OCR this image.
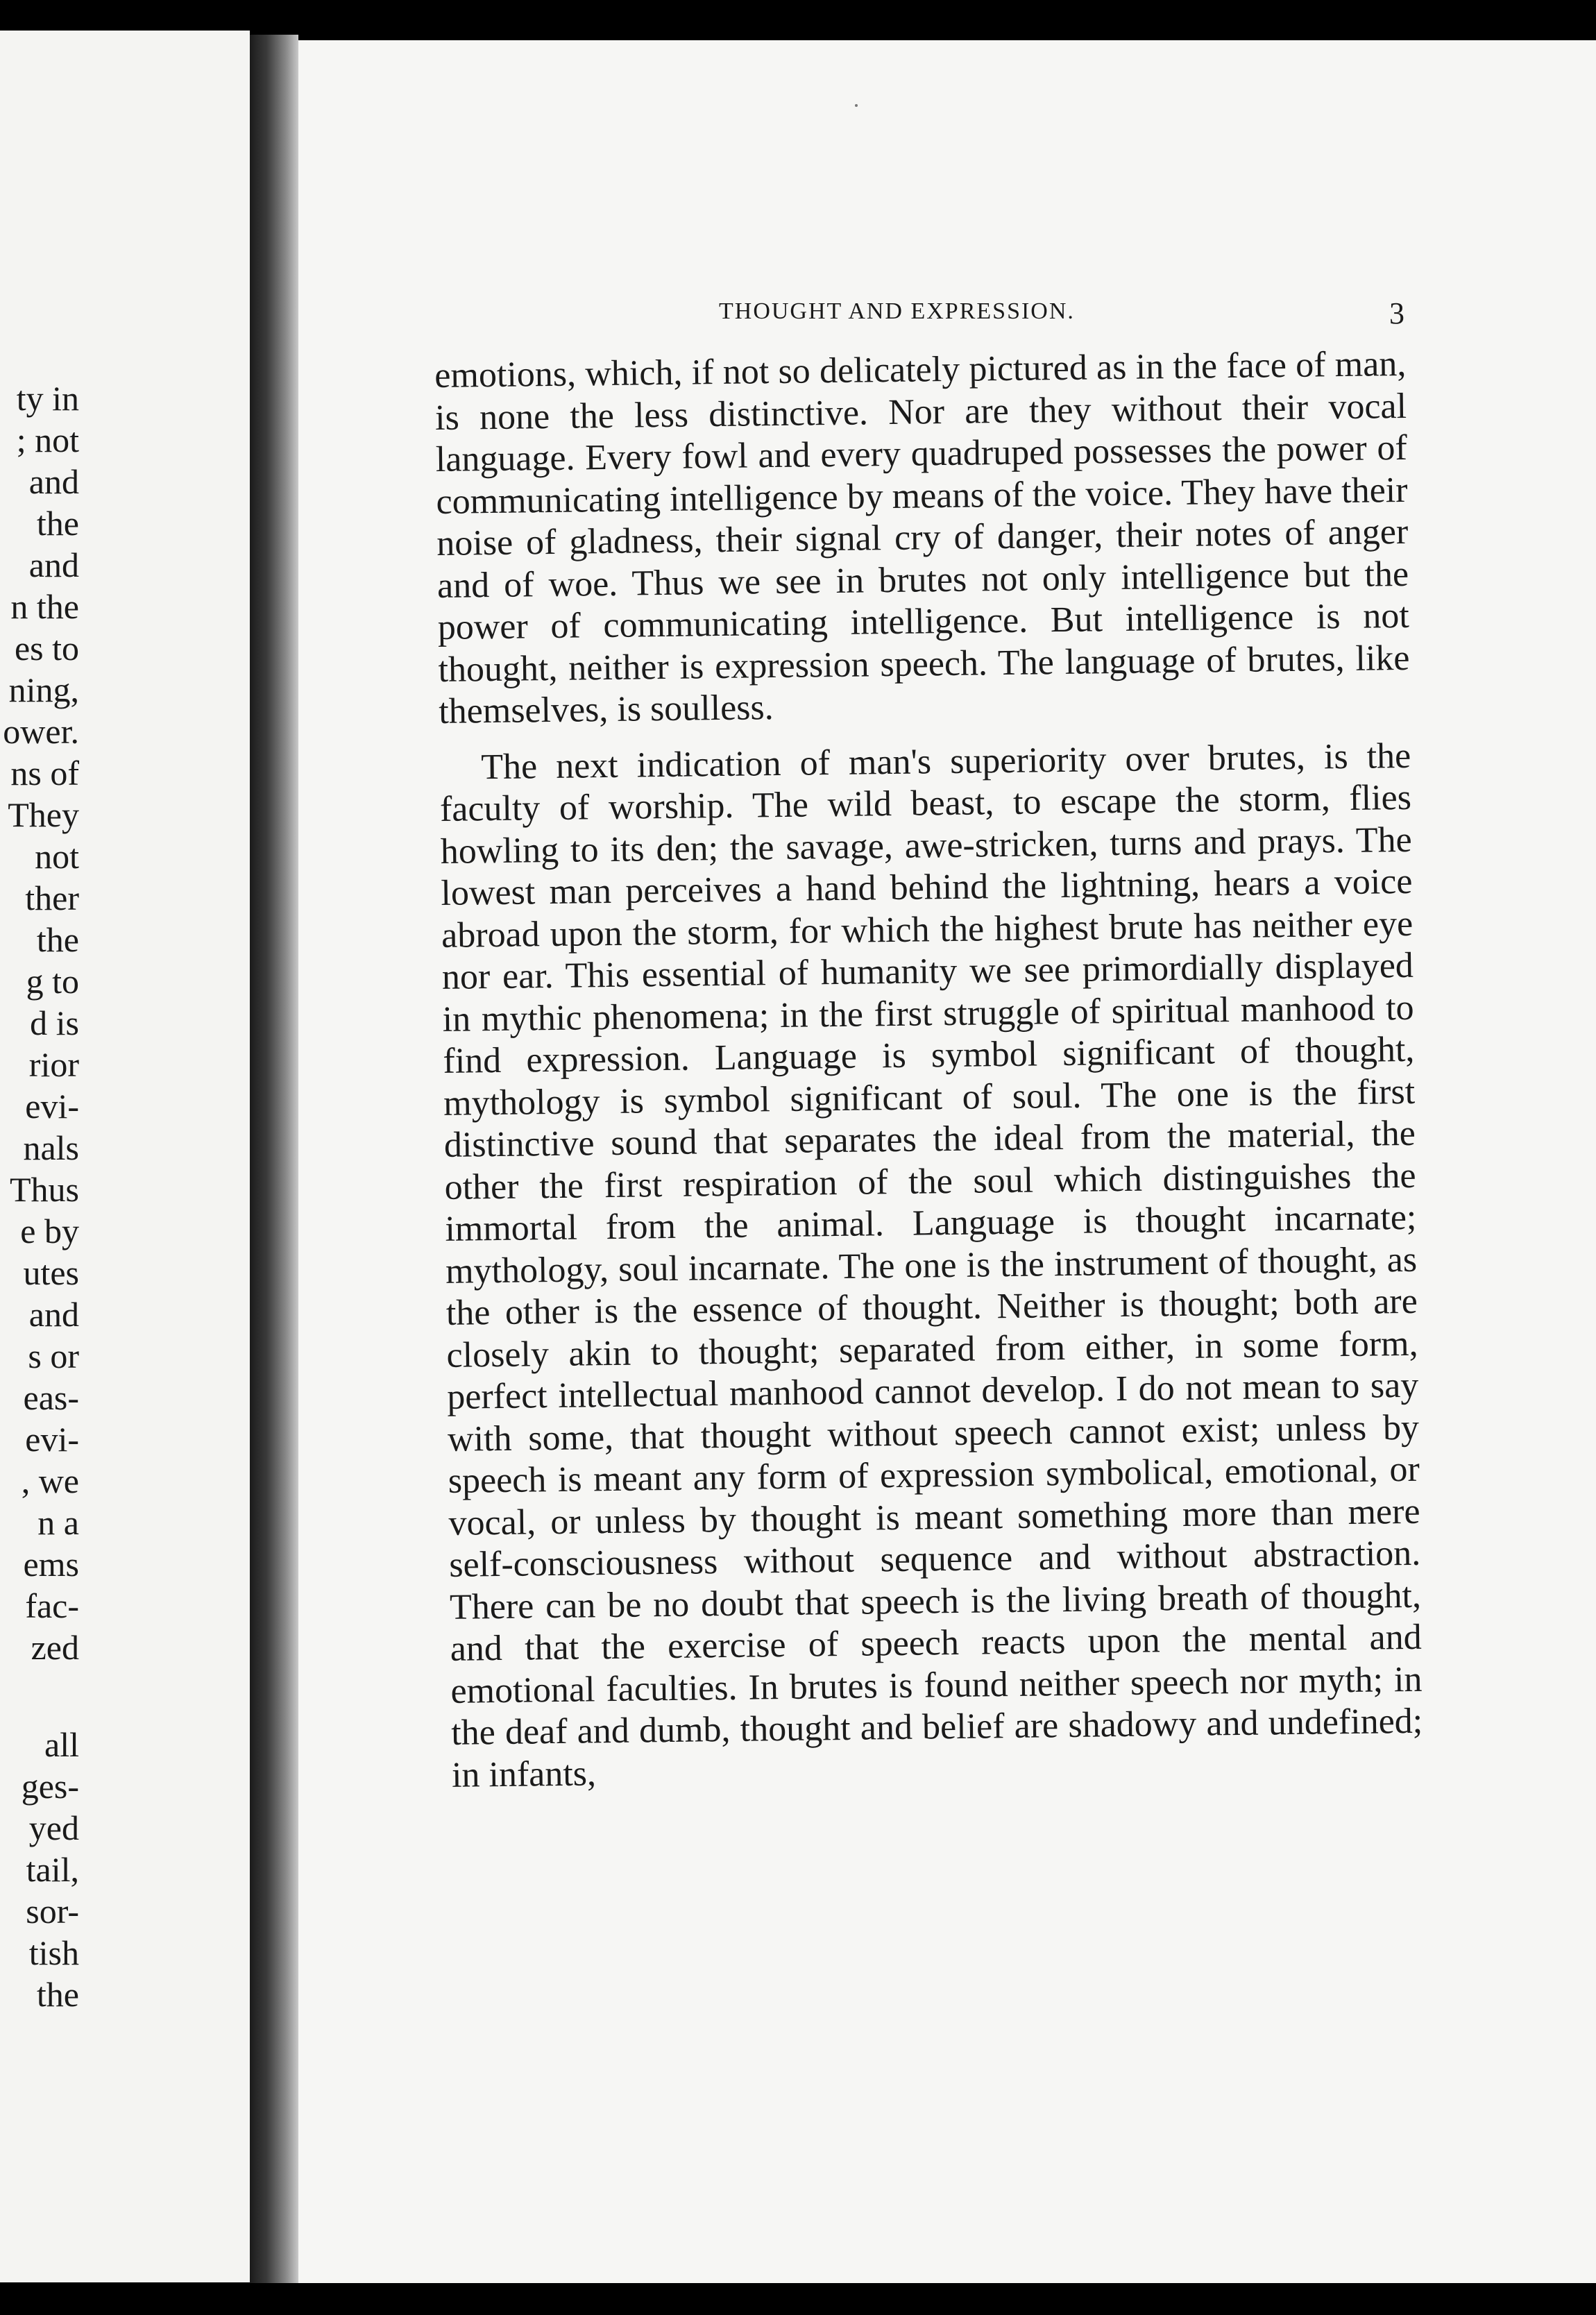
ty in
; not
and
the
and
n the
es to
ning,
ower.
ns of
They
not
ther
the
g to
d is
rior
evi-
nals
Thus
e by
utes
and
s or
eas-
evi-
, we
n a
ems
fac-
zed
all
ges-
yed
tail,
sor-
tish
the
THOUGHT AND EXPRESSION.	3

emotions, which, if not so delicately pictured as in the face of man, is none the less distinctive. Nor are they without their vocal language. Every fowl and every quadruped possesses the power of communicating intelligence by means of the voice. They have their noise of gladness, their signal cry of danger, their notes of anger and of woe. Thus we see in brutes not only intelligence but the power of communicating intelligence. But intelligence is not thought, neither is expression speech. The language of brutes, like themselves, is soulless.

The next indication of man's superiority over brutes, is the faculty of worship. The wild beast, to escape the storm, flies howling to its den; the savage, awe-stricken, turns and prays. The lowest man perceives a hand behind the lightning, hears a voice abroad upon the storm, for which the highest brute has neither eye nor ear. This essential of humanity we see primordially displayed in mythic phenomena; in the first struggle of spiritual manhood to find expression. Language is symbol significant of thought, mythology is symbol significant of soul. The one is the first distinctive sound that separates the ideal from the material, the other the first respiration of the soul which distinguishes the immortal from the animal. Language is thought incarnate; mythology, soul incarnate. The one is the instrument of thought, as the other is the essence of thought. Neither is thought; both are closely akin to thought; separated from either, in some form, perfect intellectual manhood cannot develop. I do not mean to say with some, that thought without speech cannot exist; unless by speech is meant any form of expression symbolical, emotional, or vocal, or unless by thought is meant something more than mere self-consciousness without sequence and without abstraction. There can be no doubt that speech is the living breath of thought, and that the exercise of speech reacts upon the mental and emotional faculties. In brutes is found neither speech nor myth; in the deaf and dumb, thought and belief are shadowy and undefined; in infants,
